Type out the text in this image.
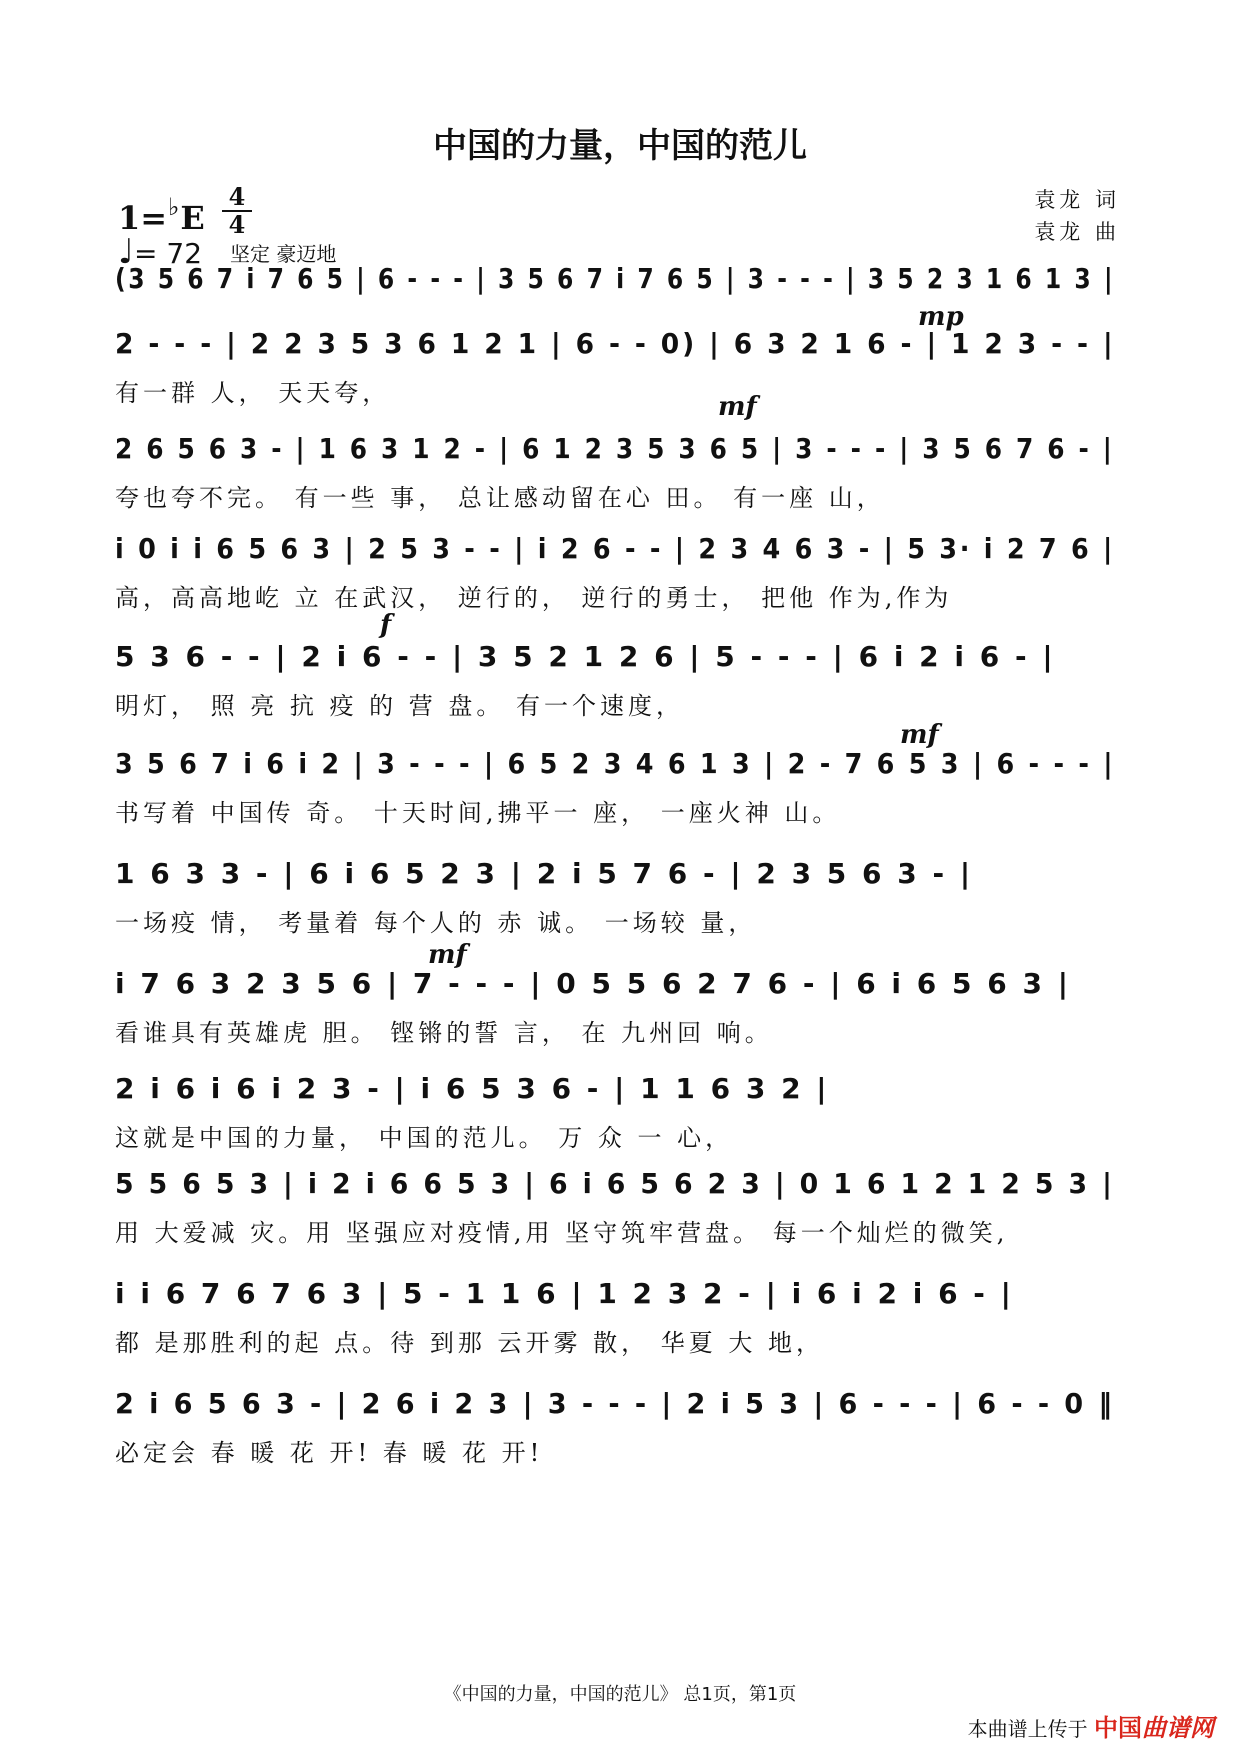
中国的力量，中国的范儿
1=♭E
4
4
♩= 72 坚定 豪迈地
袁龙 词
袁龙 曲
(3 5 6 7 i 7 6 5 | 6 - - - | 3 5 6 7 i 7 6 5 | 3 - - - | 3 5 2 3 1 6 1 3 |
2 - - - | 2 2 3 5 3 6 1 2 1 | 6 - - 0) | 6 3 2 1 6 - | 1 2 3 - - |
有一群 人， 天天夸，
2 6 5 6 3 - | 1 6 3 1 2 - | 6 1 2 3 5 3 6 5 | 3 - - - | 3 5 6 7 6 - |
夸也夸不完。 有一些 事， 总让感动留在心 田。 有一座 山，
i 0 i i 6 5 6 3 | 2 5 3 - - | i 2 6 - - | 2 3 4 6 3 - | 5 3· i 2 7 6 |
高，高高地屹 立 在武汉， 逆行的， 逆行的勇士， 把他 作为,作为
5 3 6 - - | 2 i 6 - - | 3 5 2 1 2 6 | 5 - - - | 6 i 2 i 6 - |
明灯， 照 亮 抗 疫 的 营 盘。 有一个速度，
3 5 6 7 i 6 i 2 | 3 - - - | 6 5 2 3 4 6 1 3 | 2 - 7 6 5 3 | 6 - - - |
书写着 中国传 奇。 十天时间,拂平一 座， 一座火神 山。
1 6 3 3 - | 6 i 6 5 2 3 | 2 i 5 7 6 - | 2 3 5 6 3 - |
一场疫 情， 考量着 每个人的 赤 诚。 一场较 量，
i 7 6 3 2 3 5 6 | 7 - - - | 0 5 5 6 2 7 6 - | 6 i 6 5 6 3 |
看谁具有英雄虎 胆。 铿锵的誓 言， 在 九州回 响。
2 i 6 i 6 i 2 3 - | i 6 5 3 6 - | 1 1 6 3 2 |
这就是中国的力量， 中国的范儿。 万 众 一 心，
5 5 6 5 3 | i 2 i 6 6 5 3 | 6 i 6 5 6 2 3 | 0 1 6 1 2 1 2 5 3 |
用 大爱减 灾。用 坚强应对疫情,用 坚守筑牢营盘。 每一个灿烂的微笑,
i i 6 7 6 7 6 3 | 5 - 1 1 6 | 1 2 3 2 - | i 6 i 2 i 6 - |
都 是那胜利的起 点。待 到那 云开雾 散， 华夏 大 地，
2 i 6 5 6 3 - | 2 6 i 2 3 | 3 - - - | 2 i 5 3 | 6 - - - | 6 - - 0 ‖
必定会 春 暖 花 开! 春 暖 花 开!
mp
mf
f
mf
mf
《中国的力量，中国的范儿》 总1页，第1页
本曲谱上传于 中国曲谱网
